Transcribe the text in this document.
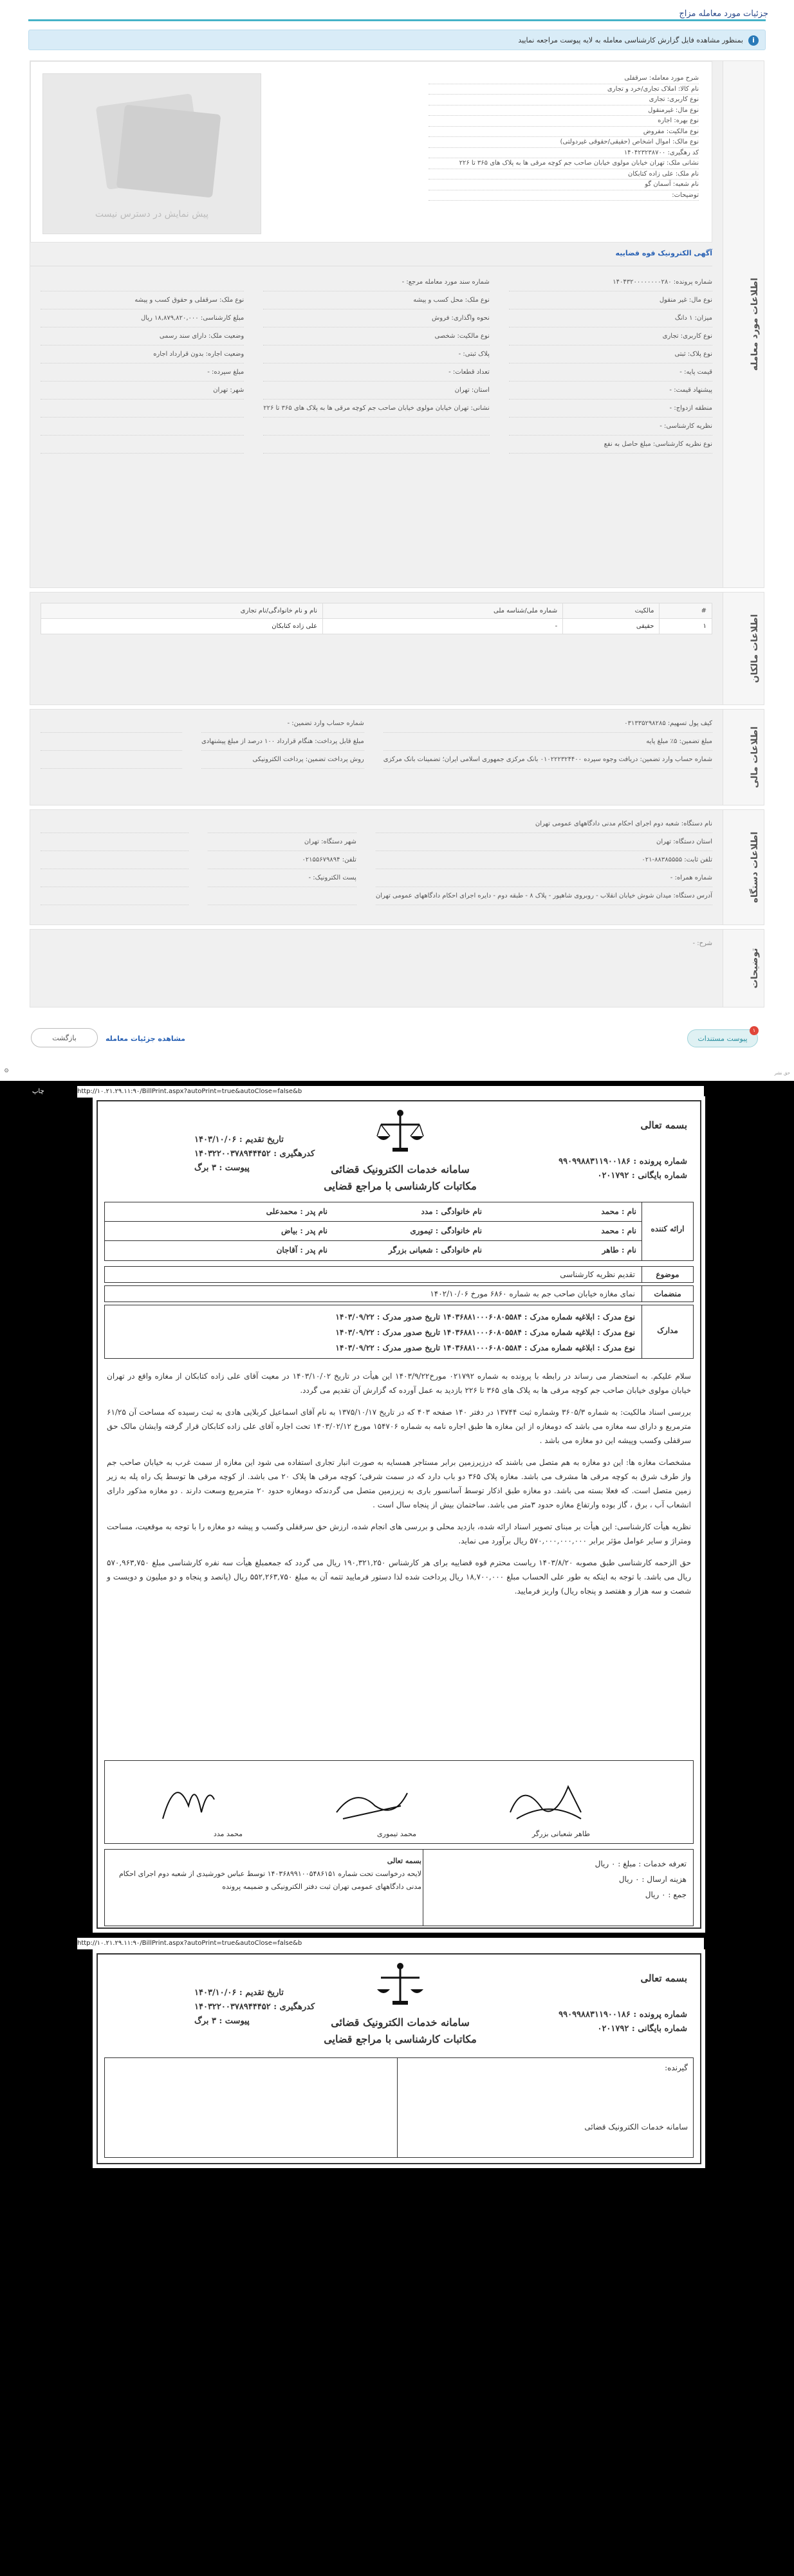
جزئیات مورد معامله مزاج
i
بمنظور مشاهده فایل گزارش کارشناسی معامله به لایه پیوست مراجعه نمایید
اطلاعات مورد معامله
پیش نمایش در دسترس نیست
شرح مورد معامله: سرقفلی
نام کالا: املاک تجاری/خرد و تجاری
نوع کاربری: تجاری
نوع مال: غیرمنقول
نوع بهره: اجاره
نوع مالکیت: مفروض
نوع مالک: اموال اشخاص (حقیقی/حقوقی غیردولتی)
کد رهگیری: ۱۴۰۴۲۳۲۳۸۷۰۰
نشانی ملک: تهران خیابان مولوی خیابان صاحب جم کوچه مرقی ها به پلاک های ۳۶۵ تا ۲۲۶
نام ملک: علی زاده کتابکان
نام شعبه: آسمان گو
توضیحات:
آگهی الکترونیک قوه قضاییه
شماره پرونده: ۱۴۰۴۳۲۰۰۰۰۰۰۰۰۲۸۰
شماره سند مورد معامله مرجع: -
نوع مال: غیر منقول
نوع ملک: محل کسب و پیشه
نوع ملک: سرقفلی و حقوق کسب و پیشه
میزان: ۱ دانگ
نحوه واگذاری: فروش
مبلغ کارشناسی: ۱۸,۸۷۹,۸۲۰,۰۰۰ ریال
نوع کاربری: تجاری
نوع مالکیت: شخصی
وضعیت ملک: دارای سند رسمی
نوع پلاک: ثبتی
پلاک ثبتی: -
وضعیت اجاره: بدون قرارداد اجاره
قیمت پایه: -
تعداد قطعات: -
مبلغ سپرده: -
پیشنهاد قیمت: -
استان: تهران
شهر: تهران
منطقه ازدواج: -
نشانی: تهران خیابان مولوی خیابان صاحب جم کوچه مرقی ها به پلاک های ۳۶۵ تا ۲۲۶
نظریه کارشناسی: -
نوع نظریه کارشناسی: مبلغ حاصل به نفع
اطلاعات مالکان
#	مالکیت	شماره ملی/شناسه ملی	نام و نام خانوادگی/نام تجاری
۱	حقیقی	-	علی زاده کتابکان
اطلاعات مالی
کیف پول تسهیم: ۰۳۱۳۳۵۲۹۸۲۸۵
شماره حساب وارد تضمین: -
مبلغ تضمین: ۵٪ مبلغ پایه
مبلغ قابل پرداخت: هنگام قرارداد ۱۰۰ درصد از مبلغ پیشنهادی
شماره حساب وارد تضمین: دریافت وجوه سپرده ۰۱۰۲۲۲۳۲۴۴۰۰ بانک مرکزی جمهوری اسلامی ایران؛ تضمینات بانک مرکزی
روش پرداخت تضمین: پرداخت الکترونیکی
اطلاعات دستگاه
نام دستگاه: شعبه دوم اجرای احکام مدنی دادگاههای عمومی تهران
استان دستگاه: تهران
شهر دستگاه: تهران
تلفن ثابت: ۸۸۳۸۵۵۵۵-۰۲۱
تلفن: ۰۲۱۵۵۶۷۹۸۹۴
شماره همراه: -
پست الکترونیک: -
آدرس دستگاه: میدان شوش خیابان انقلاب - روبروی شاهپور - پلاک ۸ - طبقه دوم - دایره اجرای احکام دادگاههای عمومی تهران
توضیحات
شرح: -
پیوست مستندات
۱
مشاهده جزئیات معامله
بازگشت
⚙	حق نشر
http://۱۰.۲۱.۲۹.۱۱:۹۰/BillPrint.aspx?autoPrint=true&autoClose=false&b
چاپ
بسمه تعالی
شماره پرونده : ۹۹۰۹۹۸۸۳۱۱۹۰۰۱۸۶
شماره بایگانی : ۰۲۰۱۷۹۲
تاریخ تقدیم : ۱۴۰۳/۱۰/۰۶
کدرهگیری : ۱۴۰۳۲۲۰۰۳۷۸۹۴۴۴۵۲
پیوست : ۳ برگ	سامانه خدمات الکترونیک قضائی
مکاتبات کارشناسی با مراجع قضایی
ارائه کننده
نام : محمد
نام خانوادگی : مدد
نام پدر : محمدعلی
نام : محمد
نام خانوادگی : تیموری
نام پدر : بیاض
نام : طاهر
نام خانوادگی : شعبانی بزرگر
نام پدر : آقاجان
موضوع
تقدیم نظریه کارشناسی
منضمات
نمای مغازه خیابان صاحب جم به شماره ۶۸۶۰ مورخ ۱۴۰۲/۱۰/۰۶
مدارک
نوع مدرک : ابلاغیه شماره مدرک : ۱۴۰۳۶۸۸۱۰۰۰۶۰۸۰۵۵۸۴ تاریخ صدور مدرک : ۱۴۰۳/۰۹/۲۲
نوع مدرک : ابلاغیه شماره مدرک : ۱۴۰۳۶۸۸۱۰۰۰۶۰۸۰۵۵۸۴ تاریخ صدور مدرک : ۱۴۰۳/۰۹/۲۲
نوع مدرک : ابلاغیه شماره مدرک : ۱۴۰۳۶۸۸۱۰۰۰۶۰۸۰۵۵۸۴ تاریخ صدور مدرک : ۱۴۰۳/۰۹/۲۲

سلام علیکم. به استحضار می رساند در رابطه با پرونده به شماره ۰۲۱۷۹۲ مورخ۱۴۰۳/۹/۲۲ این هیأت در تاریخ ۱۴۰۳/۱۰/۰۲ در معیت آقای علی زاده کتابکان از مغازه واقع در تهران خیابان مولوی خیابان صاحب جم کوچه مرقی ها به پلاک های ۳۶۵ تا ۲۲۶ بازدید به عمل آورده که گزارش آن تقدیم می گردد.

بررسی اسناد مالکیت: به شماره ۳۶۰۵/۳ وشماره ثبت ۱۳۷۴۴ در دفتر ۱۴۰ صفحه ۴۰۳ که در تاریخ ۱۳۷۵/۱۰/۱۷ به نام آقای اسماعیل کربلایی هادی به ثبت رسیده که مساحت آن ۶۱/۲۵ مترمربع و دارای سه مغازه می باشد که دومغازه از این مغازه ها طبق اجاره نامه به شماره ۱۵۴۷۰۶ مورخ ۱۴۰۳/۰۲/۱۲ تحت اجاره آقای علی زاده کتابکان قرار گرفته وایشان مالک حق سرقفلی وکسب وپیشه این دو مغازه می باشد .

مشخصات مغازه ها: این دو مغازه به هم متصل می باشند که درزیرزمین برابر مستاجر همسایه به صورت انبار تجاری استفاده می شود این مغازه از سمت غرب به خیابان صاحب جم واز طرف شرق به کوچه مرقی ها مشرف می باشد. مغازه پلاک ۳۶۵ دو باب دارد که در سمت شرقی؛ کوچه مرقی ها پلاک ۲۰ می باشد. از کوچه مرقی ها توسط یک راه پله به زیر زمین متصل است. که فعلا بسته می باشد. دو مغازه طبق اذکار توسط آسانسور باری به زیرزمین متصل می گردندکه دومغازه حدود ۲۰ مترمربع وسعت دارند . دو مغازه مذکور دارای انشعاب آب ، برق ، گاز بوده وارتفاع مغازه حدود ۳متر می باشد. ساختمان بیش از پنجاه سال است .

نظریه هیأت کارشناسی: این هیأت بر مبنای تصویر اسناد ارائه شده، بازدید محلی و بررسی های انجام شده، ارزش حق سرقفلی وکسب و پیشه دو مغازه را با توجه به موقعیت، مساحت ومتراژ و سایر عوامل مؤثر برابر ۵۷۰,۰۰۰,۰۰۰,۰۰۰ ریال برآورد می نماید.

حق الزحمه کارشناسی طبق مصوبه ۱۴۰۳/۸/۲۰ ریاست محترم قوه قضاییه برای هر کارشناس ۱۹۰,۳۲۱,۲۵۰ ریال می گردد که جمعمبلغ هیأت سه نفره کارشناسی مبلغ ۵۷۰,۹۶۳,۷۵۰ ریال می باشد. با توجه به اینکه به طور علی الحساب مبلغ ۱۸,۷۰۰,۰۰۰ ریال پرداخت شده لذا دستور فرمایید تتمه آن به مبلغ ۵۵۲,۲۶۳,۷۵۰ ریال (پانصد و پنجاه و دو میلیون و دویست و شصت و سه هزار و هفتصد و پنجاه ریال) واریز فرمایید.

طاهر شعبانی بزرگر
محمد تیموری
محمد مدد
تعرفه خدمات : مبلغ : ۰ ریال
هزینه ارسال : ۰ ریال
جمع : ۰ ریال
بسمه تعالی
لایحه درخواست تحت شماره ۱۴۰۳۶۸۹۹۱۰۰۵۴۸۶۱۵۱ توسط عباس خورشیدی از شعبه دوم اجرای احکام مدنی دادگاههای عمومی تهران ثبت دفتر الکترونیکی و ضمیمه پرونده
http://۱۰.۲۱.۲۹.۱۱:۹۰/BillPrint.aspx?autoPrint=true&autoClose=false&b
بسمه تعالی
شماره پرونده : ۹۹۰۹۹۸۸۳۱۱۹۰۰۱۸۶
شماره بایگانی : ۰۲۰۱۷۹۲
تاریخ تقدیم : ۱۴۰۳/۱۰/۰۶
کدرهگیری : ۱۴۰۳۲۲۰۰۳۷۸۹۴۴۴۵۲
پیوست : ۳ برگ	سامانه خدمات الکترونیک قضائی
مکاتبات کارشناسی با مراجع قضایی
گیرنده:
سامانه خدمات الکترونیک قضائی
